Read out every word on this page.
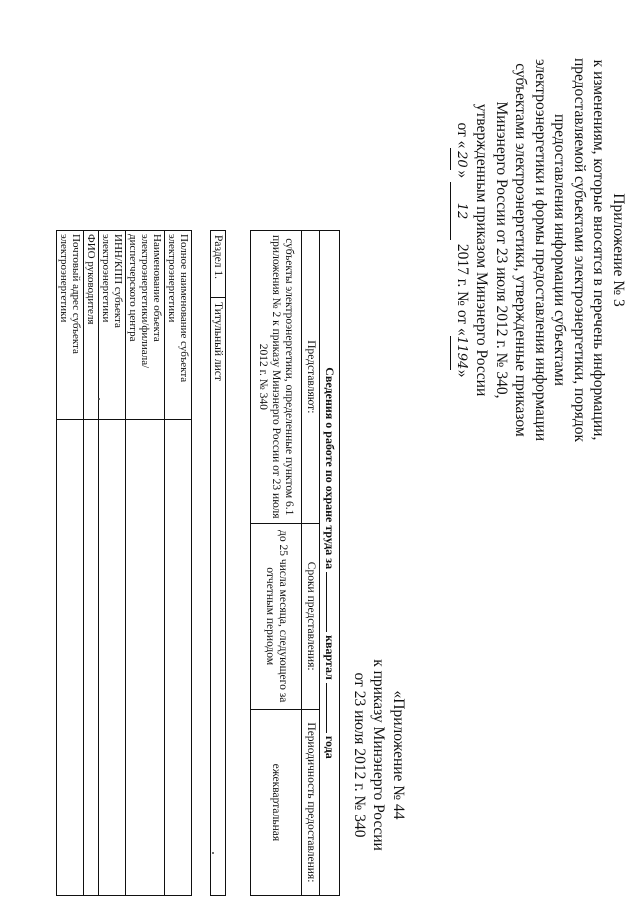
Приложение № 3
к изменениям, которые вносятся в перечень информации,
предоставляемой субъектами электроэнергетики, порядок
предоставления информации субъектами
электроэнергетики и формы предоставления информации
субъектами электроэнергетики, утвержденные приказом
Минэнерго России от 23 июля 2012 г. № 340,
утвержденным приказом Минэнерго России
от «20» 12 2017 г. № от «1194»
«Приложение № 44
к приказу Минэнерго России
от 23 июля 2012 г. № 340
Сведения о работе по охране труда за  квартал  года		
Представляют:	Сроки представления:	Периодичность предоставления:
субъекты электроэнергетики, определенные пунктом 6.1 приложения № 2 к приказу Минэнерго России от 23 июля 2012 г. № 340	до 25 числа месяца, следующего за отчетным периодом	ежеквартальная
Раздел 1.	Титульный лист
Полное наименование субъекта электроэнергетики	
Наименование объекта электроэнергетики/филиала/диспетчерского центра	
ИНН/КПП субъекта электроэнергетики	
ФИО руководителя	
Почтовый адрес субъекта электроэнергетики	
